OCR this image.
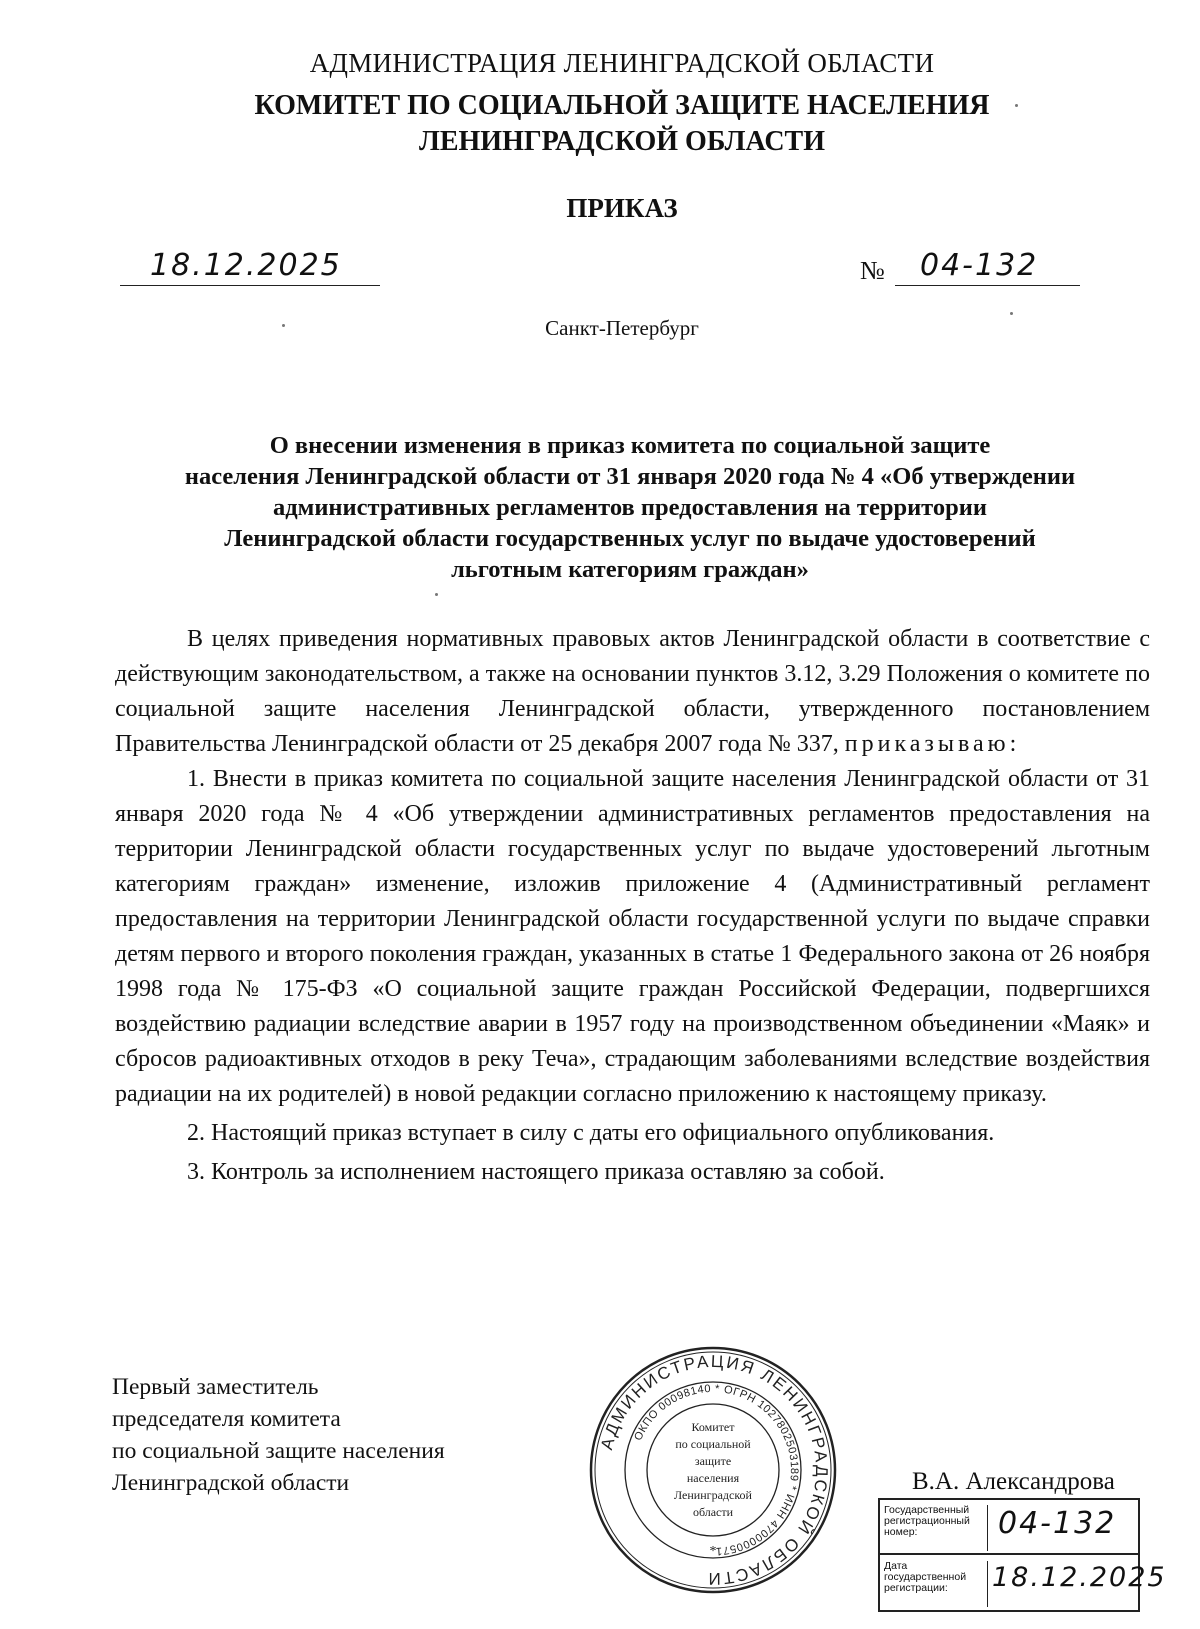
АДМИНИСТРАЦИЯ ЛЕНИНГРАДСКОЙ ОБЛАСТИ
КОМИТЕТ ПО СОЦИАЛЬНОЙ ЗАЩИТЕ НАСЕЛЕНИЯ
ЛЕНИНГРАДСКОЙ ОБЛАСТИ
ПРИКАЗ
18.12.2025	№ 04-132
Санкт-Петербург
О внесении изменения в приказ комитета по социальной защите
населения Ленинградской области от 31 января 2020 года № 4 «Об утверждении
административных регламентов предоставления на территории
Ленинградской области государственных услуг по выдаче удостоверений
льготным категориям граждан»

В целях приведения нормативных правовых актов Ленинградской области в соответствие с действующим законодательством, а также на основании пунктов 3.12, 3.29 Положения о комитете по социальной защите населения Ленинградской области, утвержденного постановлением Правительства Ленинградской области от 25 декабря 2007 года № 337, приказываю:

1. Внести в приказ комитета по социальной защите населения Ленинградской области от 31 января 2020 года № 4 «Об утверждении административных регламентов предоставления на территории Ленинградской области государственных услуг по выдаче удостоверений льготным категориям граждан» изменение, изложив приложение 4 (Административный регламент предоставления на территории Ленинградской области государственной услуги по выдаче справки детям первого и второго поколения граждан, указанных в статье 1 Федерального закона от 26 ноября 1998 года № 175-ФЗ «О социальной защите граждан Российской Федерации, подвергшихся воздействию радиации вследствие аварии в 1957 году на производственном объединении «Маяк» и сбросов радиоактивных отходов в реку Теча», страдающим заболеваниями вследствие воздействия радиации на их родителей) в новой редакции согласно приложению к настоящему приказу.

2. Настоящий приказ вступает в силу с даты его официального опубликования.

3. Контроль за исполнением настоящего приказа оставляю за собой.

Первый заместитель
председателя комитета
по социальной защите населения
Ленинградской области	В.А. Александрова
АДМИНИСТРАЦИЯ ЛЕНИНГРАДСКОЙ ОБЛАСТИ
ОКПО 00098140 * ОГРН 1027802503189 * ИНН 4700000571
Комитет
по социальной
защите
населения
Ленинградской
области
*
Государственный регистрационный номер:	04-132
Дата государственной регистрации:	18.12.2025
